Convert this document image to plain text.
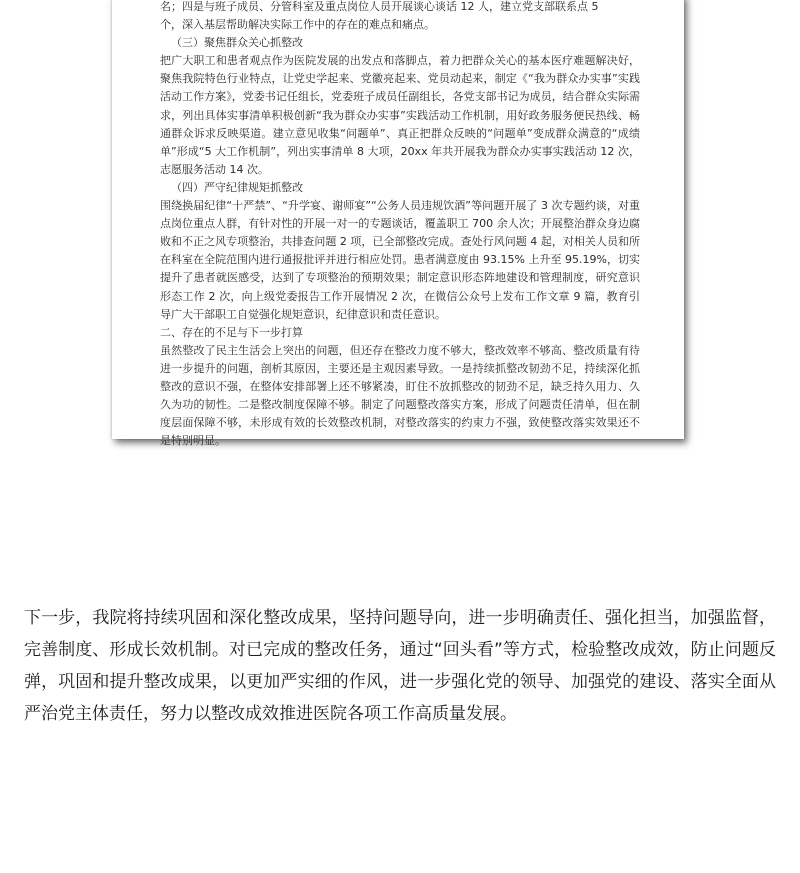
名；四是与班子成员、分管科室及重点岗位人员开展谈心谈话 12 人，建立党支部联系点 5

个，深入基层帮助解决实际工作中的存在的难点和痛点。

（三）聚焦群众关心抓整改

把广大职工和患者观点作为医院发展的出发点和落脚点，着力把群众关心的基本医疗难题解决好，聚焦我院特色行业特点，让党史学起来、党徽亮起来、党员动起来，制定《“我为群众办实事”实践活动工作方案》，党委书记任组长，党委班子成员任副组长，各党支部书记为成员，结合群众实际需求，列出具体实事清单积极创新“我为群众办实事”实践活动工作机制，用好政务服务便民热线、畅通群众诉求反映渠道。建立意见收集“问题单”、真正把群众反映的“问题单”变成群众满意的“成绩单”形成“5 大工作机制”，列出实事清单 8 大项，20xx 年共开展我为群众办实事实践活动 12 次，志愿服务活动 14 次。

（四）严守纪律规矩抓整改

围绕换届纪律“十严禁”、“升学宴、谢师宴”“公务人员违规饮酒”等问题开展了 3 次专题约谈，对重点岗位重点人群，有针对性的开展一对一的专题谈话，覆盖职工 700 余人次；开展整治群众身边腐败和不正之风专项整治，共排查问题 2 项，已全部整改完成。查处行风问题 4 起，对相关人员和所在科室在全院范围内进行通报批评并进行相应处罚。患者满意度由 93.15% 上升至 95.19%，切实提升了患者就医感受，达到了专项整治的预期效果；制定意识形态阵地建设和管理制度，研究意识形态工作 2 次，向上级党委报告工作开展情况 2 次，在微信公众号上发布工作文章 9 篇，教育引导广大干部职工自觉强化规矩意识，纪律意识和责任意识。

二、存在的不足与下一步打算

虽然整改了民主生活会上突出的问题，但还存在整改力度不够大，整改效率不够高、整改质量有待进一步提升的问题，剖析其原因，主要还是主观因素导致。一是持续抓整改韧劲不足，持续深化抓整改的意识不强，在整体安排部署上还不够紧凑，盯住不放抓整改的韧劲不足，缺乏持久用力、久久为功的韧性。二是整改制度保障不够。制定了问题整改落实方案，形成了问题责任清单，但在制度层面保障不够，未形成有效的长效整改机制，对整改落实的约束力不强，致使整改落实效果还不是特别明显。

下一步，我院将持续巩固和深化整改成果，坚持问题导向，进一步明确责任、强化担当，加强监督，完善制度、形成长效机制。对已完成的整改任务，通过“回头看”等方式，检验整改成效，防止问题反弹，巩固和提升整改成果，以更加严实细的作风，进一步强化党的领导、加强党的建设、落实全面从严治党主体责任，努力以整改成效推进医院各项工作高质量发展。
